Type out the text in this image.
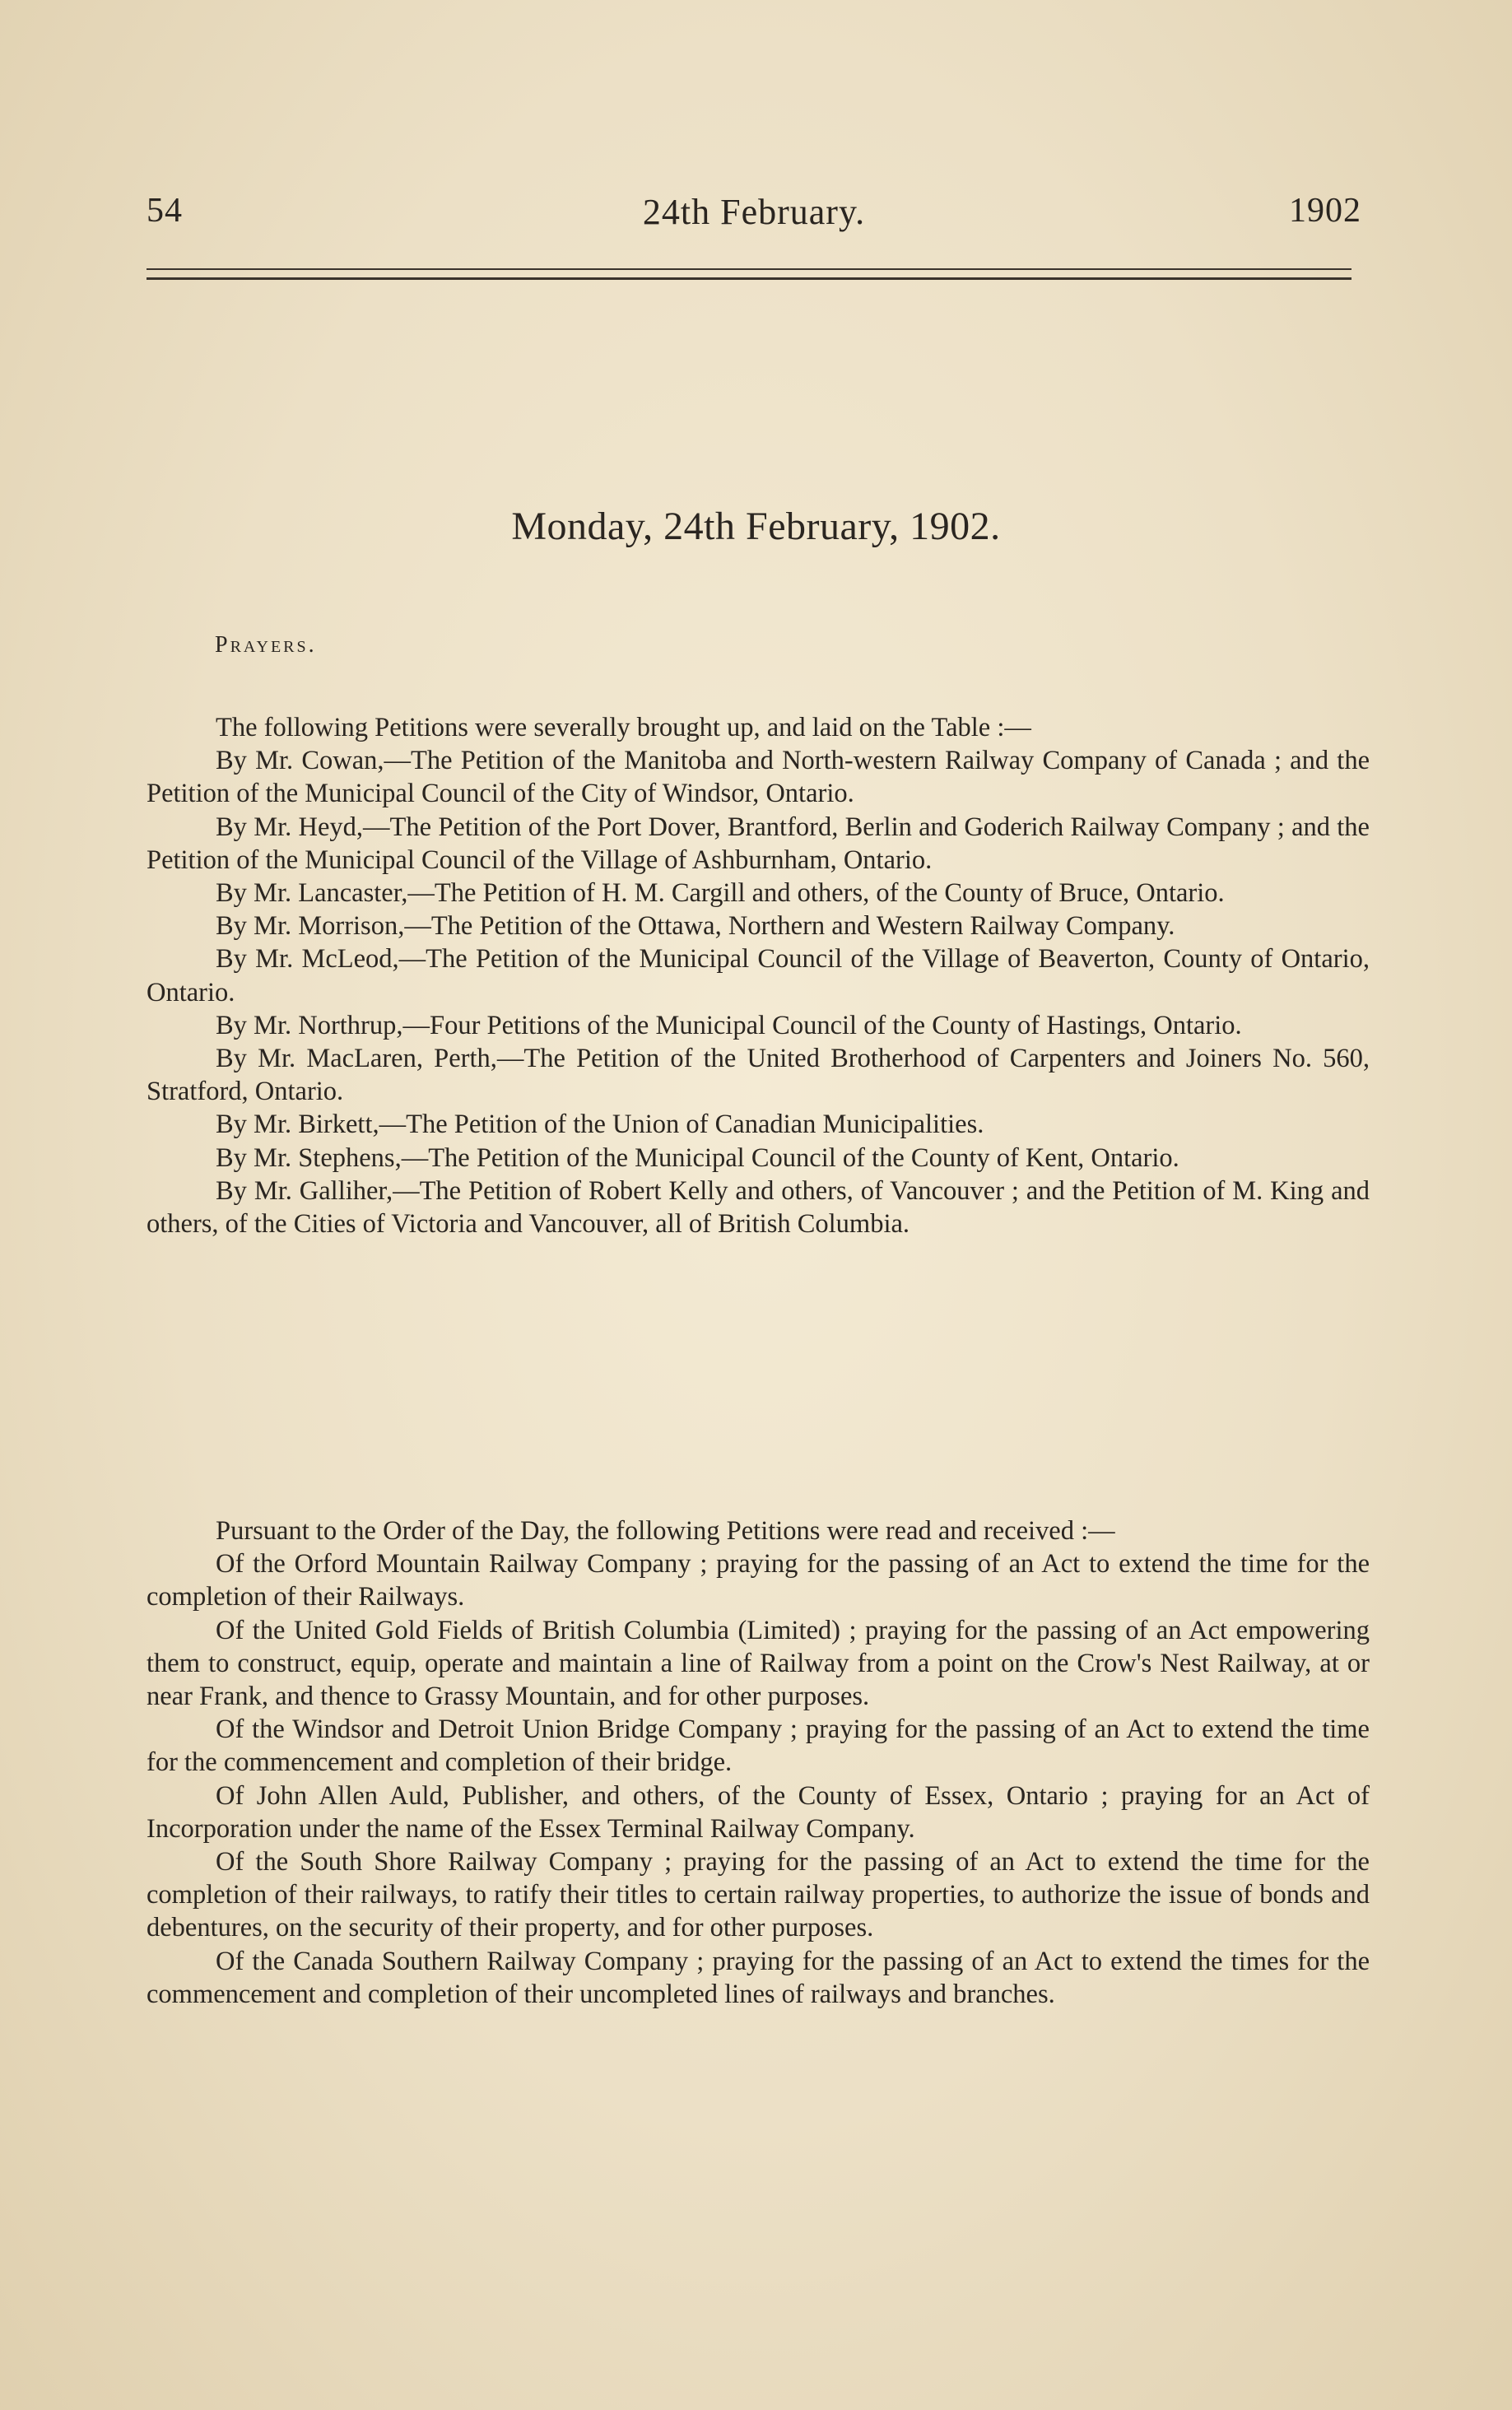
54	24th February.	1902
Monday, 24th February, 1902.
Prayers.

The following Petitions were severally brought up, and laid on the Table :—

By Mr. Cowan,—The Petition of the Manitoba and North-western Railway Company of Canada ; and the Petition of the Municipal Council of the City of Windsor, Ontario.

By Mr. Heyd,—The Petition of the Port Dover, Brantford, Berlin and Goderich Railway Company ; and the Petition of the Municipal Council of the Village of Ashburnham, Ontario.

By Mr. Lancaster,—The Petition of H. M. Cargill and others, of the County of Bruce, Ontario.

By Mr. Morrison,—The Petition of the Ottawa, Northern and Western Railway Company.

By Mr. McLeod,—The Petition of the Municipal Council of the Village of Beaverton, County of Ontario, Ontario.

By Mr. Northrup,—Four Petitions of the Municipal Council of the County of Hastings, Ontario.

By Mr. MacLaren, Perth,—The Petition of the United Brotherhood of Carpenters and Joiners No. 560, Stratford, Ontario.

By Mr. Birkett,—The Petition of the Union of Canadian Municipalities.

By Mr. Stephens,—The Petition of the Municipal Council of the County of Kent, Ontario.

By Mr. Galliher,—The Petition of Robert Kelly and others, of Vancouver ; and the Petition of M. King and others, of the Cities of Victoria and Vancouver, all of British Columbia.

Pursuant to the Order of the Day, the following Petitions were read and received :—

Of the Orford Mountain Railway Company ; praying for the passing of an Act to extend the time for the completion of their Railways.

Of the United Gold Fields of British Columbia (Limited) ; praying for the passing of an Act empowering them to construct, equip, operate and maintain a line of Railway from a point on the Crow's Nest Railway, at or near Frank, and thence to Grassy Mountain, and for other purposes.

Of the Windsor and Detroit Union Bridge Company ; praying for the passing of an Act to extend the time for the commencement and completion of their bridge.

Of John Allen Auld, Publisher, and others, of the County of Essex, Ontario ; praying for an Act of Incorporation under the name of the Essex Terminal Railway Company.

Of the South Shore Railway Company ; praying for the passing of an Act to extend the time for the completion of their railways, to ratify their titles to certain railway properties, to authorize the issue of bonds and debentures, on the security of their property, and for other purposes.

Of the Canada Southern Railway Company ; praying for the passing of an Act to extend the times for the commencement and completion of their uncompleted lines of railways and branches.
